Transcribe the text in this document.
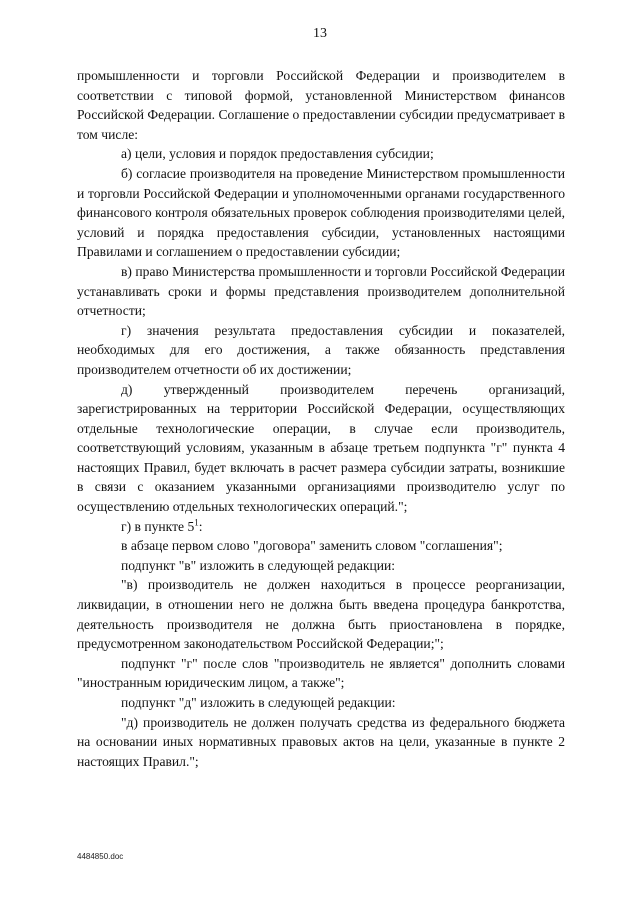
13

промышленности и торговли Российской Федерации и производителем в соответствии с типовой формой, установленной Министерством финансов Российской Федерации. Соглашение о предоставлении субсидии предусматривает в том числе:

а) цели, условия и порядок предоставления субсидии;

б) согласие производителя на проведение Министерством промышленности и торговли Российской Федерации и уполномоченными органами государственного финансового контроля обязательных проверок соблюдения производителями целей, условий и порядка предоставления субсидии, установленных настоящими Правилами и соглашением о предоставлении субсидии;

в) право Министерства промышленности и торговли Российской Федерации устанавливать сроки и формы представления производителем дополнительной отчетности;

г) значения результата предоставления субсидии и показателей, необходимых для его достижения, а также обязанность представления производителем отчетности об их достижении;

д) утвержденный производителем перечень организаций, зарегистрированных на территории Российской Федерации, осуществляющих отдельные технологические операции, в случае если производитель, соответствующий условиям, указанным в абзаце третьем подпункта "г" пункта 4 настоящих Правил, будет включать в расчет размера субсидии затраты, возникшие в связи с оказанием указанными организациями производителю услуг по осуществлению отдельных технологических операций.";

г) в пункте $5^1$:

в абзаце первом слово "договора" заменить словом "соглашения";

подпункт "в" изложить в следующей редакции:

"в) производитель не должен находиться в процессе реорганизации, ликвидации, в отношении него не должна быть введена процедура банкротства, деятельность производителя не должна быть приостановлена в порядке, предусмотренном законодательством Российской Федерации;";

подпункт "г" после слов "производитель не является" дополнить словами "иностранным юридическим лицом, а также";

подпункт "д" изложить в следующей редакции:

"д) производитель не должен получать средства из федерального бюджета на основании иных нормативных правовых актов на цели, указанные в пункте 2 настоящих Правил.";

4484850.doc
